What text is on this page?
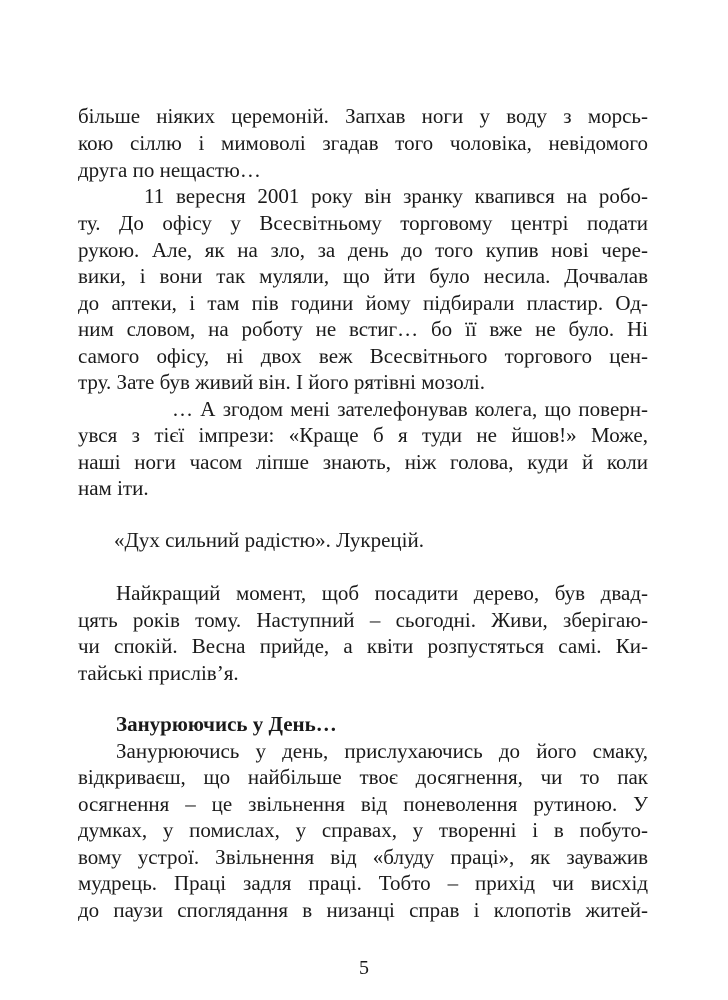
більше ніяких церемоній. Запхав ноги у воду з морсь-
кою сіллю і мимоволі згадав того чоловіка, невідомого
друга по нещастю…
11 вересня 2001 року він зранку квапився на робо-
ту. До офісу у Всесвітньому торговому центрі подати
рукою. Але, як на зло, за день до того купив нові чере-
вики, і вони так муляли, що йти було несила. Дочвалав
до аптеки, і там пів години йому підбирали пластир. Од-
ним словом, на роботу не встиг… бо її вже не було. Ні
самого офісу, ні двох веж Всесвітнього торгового цен-
тру. Зате був живий він. І його рятівні мозолі.
… А згодом мені зателефонував колега, що поверн-
увся з тієї імпрези: «Краще б я туди не йшов!» Може,
наші ноги часом ліпше знають, ніж голова, куди й коли
нам іти.
«Дух сильний радістю». Лукрецій.
Найкращий момент, щоб посадити дерево, був двад-
цять років тому. Наступний – сьогодні. Живи, зберігаю-
чи спокій. Весна прийде, а квіти розпустяться самі. Ки-
тайські прислів’я.
Занурюючись у День…
Занурюючись у день, прислухаючись до його смаку,
відкриваєш, що найбільше твоє досягнення, чи то пак
осягнення – це звільнення від поневолення рутиною. У
думках, у помислах, у справах, у творенні і в побуто-
вому устрої. Звільнення від «блуду праці», як зауважив
мудрець. Праці задля праці. Тобто – прихід чи висхід
до паузи споглядання в низанці справ і клопотів житей-
5
